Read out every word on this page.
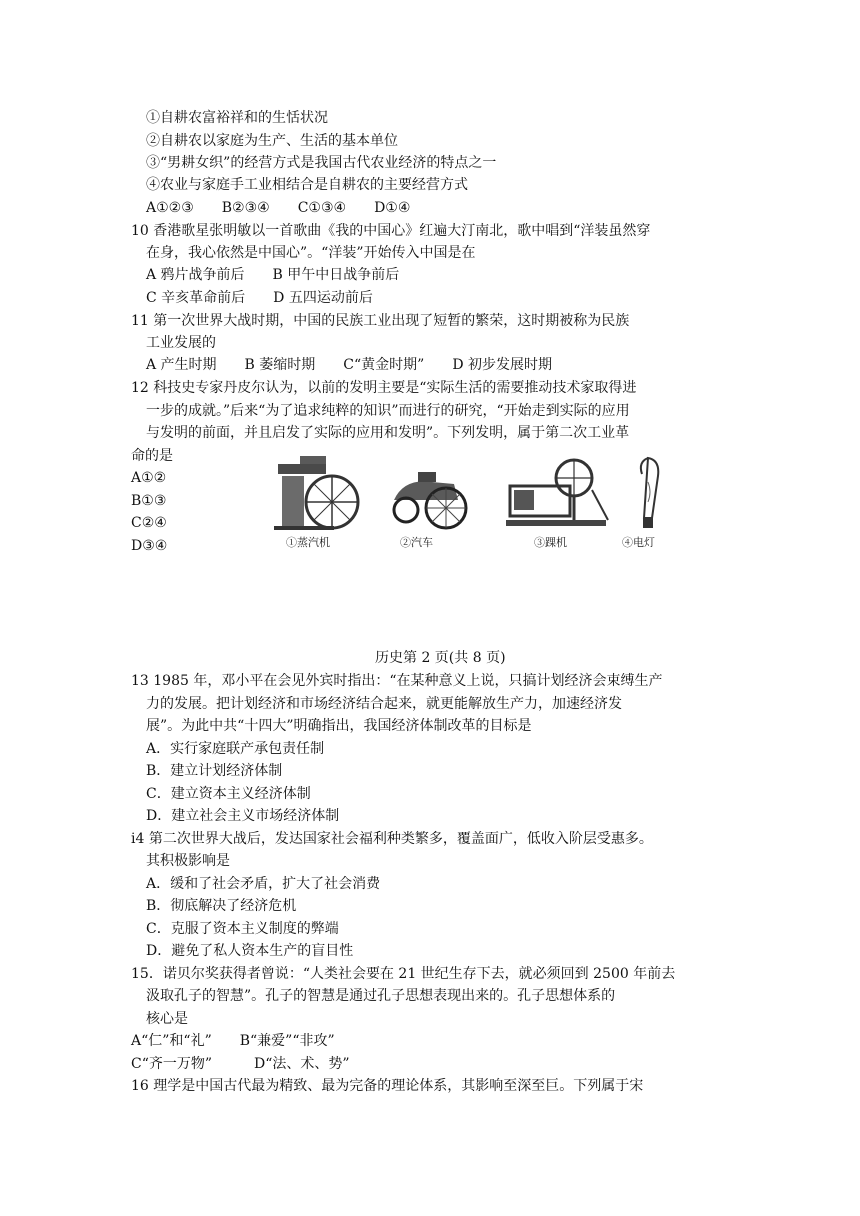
①自耕农富裕祥和的生恬状况
②自耕农以家庭为生产、生活的基本单位
③“男耕女织”的经营方式是我国古代农业经济的特点之一
④农业与家庭手工业相结合是自耕农的主要经营方式
A①②③　　B②③④　　C①③④　　D①④
10 香港歌星张明敏以一首歌曲《我的中国心》红遍大汀南北，歌中唱到“洋装虽然穿
在身，我心依然是中国心”。“洋装”开始传入中国是在
A 鸦片战争前后　　B 甲午中日战争前后
C 辛亥革命前后　　D 五四运动前后
11 第一次世界大战时期，中国的民族工业出现了短暂的繁荣，这时期被称为民族
工业发展的
A 产生时期　　B 萎缩时期　　C“黄金时期”　　D 初步发展时期
12 科技史专家丹皮尔认为，以前的发明主要是“实际生活的需要推动技术家取得进
一步的成就。”后来“为了追求纯粹的知识”而进行的研究，“开始走到实际的应用
与发明的前面，并且启发了实际的应用和发明”。下列发明，属于第二次工业革
命的是
A①②
B①③
C②④
D③④	①蒸汽机	②汽车	③踝机	④电灯
历史第 2 页(共 8 页)
13 1985 年，邓小平在会见外宾时指出：“在某种意义上说，只搞计划经济会束缚生产
力的发展。把计划经济和市场经济结合起来，就更能解放生产力，加速经济发
展”。为此中共“十四大”明确指出，我国经济体制改革的目标是
A．实行家庭联产承包责任制
B．建立计划经济体制
C．建立资本主义经济体制
D．建立社会主义市场经济体制
i4 第二次世界大战后，发达国家社会福利种类繁多，覆盖面广，低收入阶层受惠多。
其积极影响是
A．缓和了社会矛盾，扩大了社会消费
B．彻底解决了经济危机
C．克服了资本主义制度的弊端
D．避免了私人资本生产的盲目性
15．诺贝尔奖获得者曾说：“人类社会要在 21 世纪生存下去，就必须回到 2500 年前去
汲取孔子的智慧”。孔子的智慧是通过孔子思想表现出来的。孔子思想体系的
核心是
A“仁”和“礼”　　B“兼爱”“非攻”
C“齐一万物”　　　D“法、术、势”
16 理学是中国古代最为精致、最为完备的理论体系，其影响至深至巨。下列属于宋
